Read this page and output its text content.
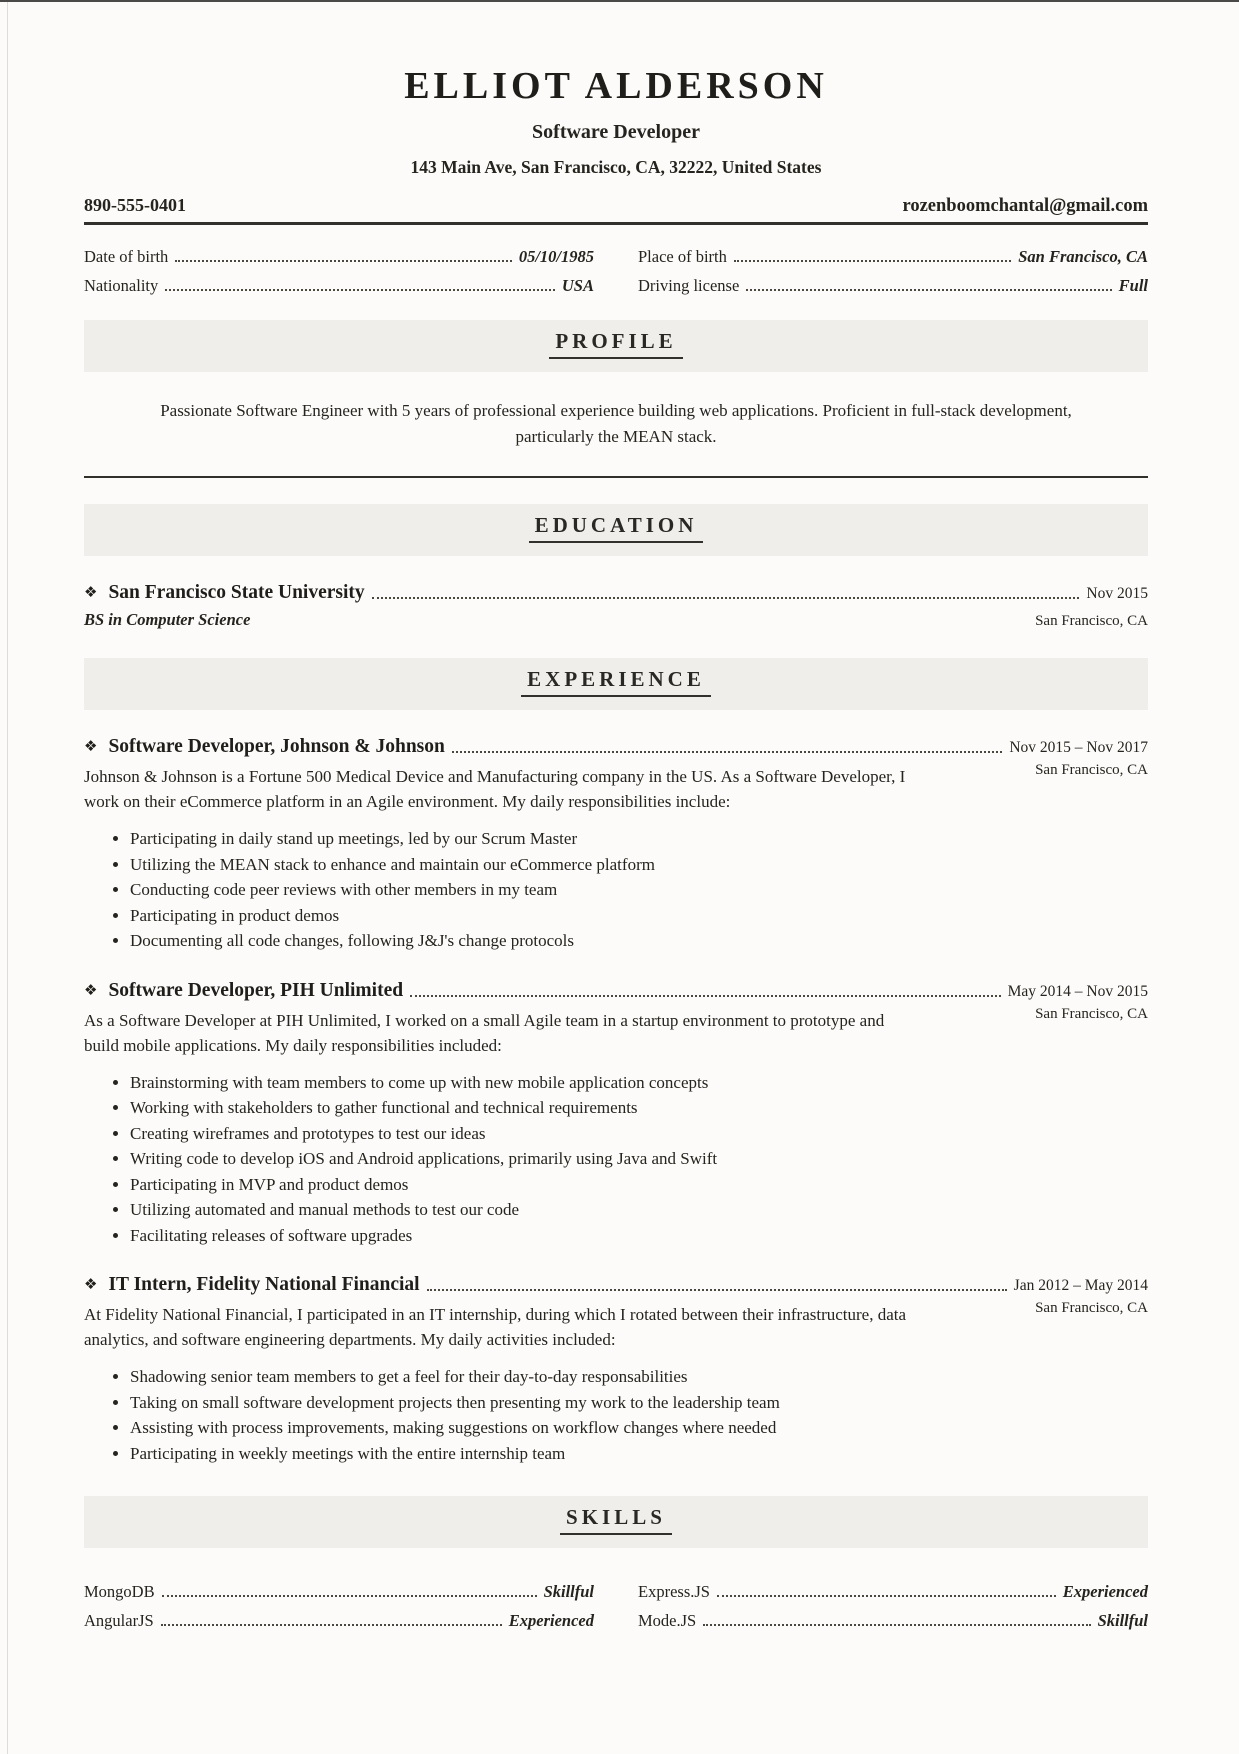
ELLIOT ALDERSON
Software Developer
143 Main Ave, San Francisco, CA, 32222, United States
890-555-0401	rozenboomchantal@gmail.com
Date of birth	05/10/1985	Place of birth	San Francisco, CA
Nationality	USA	Driving license	Full
PROFILE

Passionate Software Engineer with 5 years of professional experience building web applications. Proficient in full-stack development, particularly the MEAN stack.

EDUCATION
❖ San Francisco State University	Nov 2015
BS in Computer Science	San Francisco, CA
EXPERIENCE
❖ Software Developer, Johnson & Johnson	Nov 2015 – Nov 2017
San Francisco, CA

Johnson & Johnson is a Fortune 500 Medical Device and Manufacturing company in the US. As a Software Developer, I work on their eCommerce platform in an Agile environment. My daily responsibilities include:

• Participating in daily stand up meetings, led by our Scrum Master
• Utilizing the MEAN stack to enhance and maintain our eCommerce platform
• Conducting code peer reviews with other members in my team
• Participating in product demos
• Documenting all code changes, following J&J's change protocols
❖ Software Developer, PIH Unlimited	May 2014 – Nov 2015
San Francisco, CA

As a Software Developer at PIH Unlimited, I worked on a small Agile team in a startup environment to prototype and build mobile applications. My daily responsibilities included:

• Brainstorming with team members to come up with new mobile application concepts
• Working with stakeholders to gather functional and technical requirements
• Creating wireframes and prototypes to test our ideas
• Writing code to develop iOS and Android applications, primarily using Java and Swift
• Participating in MVP and product demos
• Utilizing automated and manual methods to test our code
• Facilitating releases of software upgrades
❖ IT Intern, Fidelity National Financial	Jan 2012 – May 2014
San Francisco, CA

At Fidelity National Financial, I participated in an IT internship, during which I rotated between their infrastructure, data analytics, and software engineering departments. My daily activities included:

• Shadowing senior team members to get a feel for their day-to-day responsabilities
• Taking on small software development projects then presenting my work to the leadership team
• Assisting with process improvements, making suggestions on workflow changes where needed
• Participating in weekly meetings with the entire internship team
SKILLS
MongoDB	Skillful	Express.JS	Experienced
AngularJS	Experienced	Mode.JS	Skillful
